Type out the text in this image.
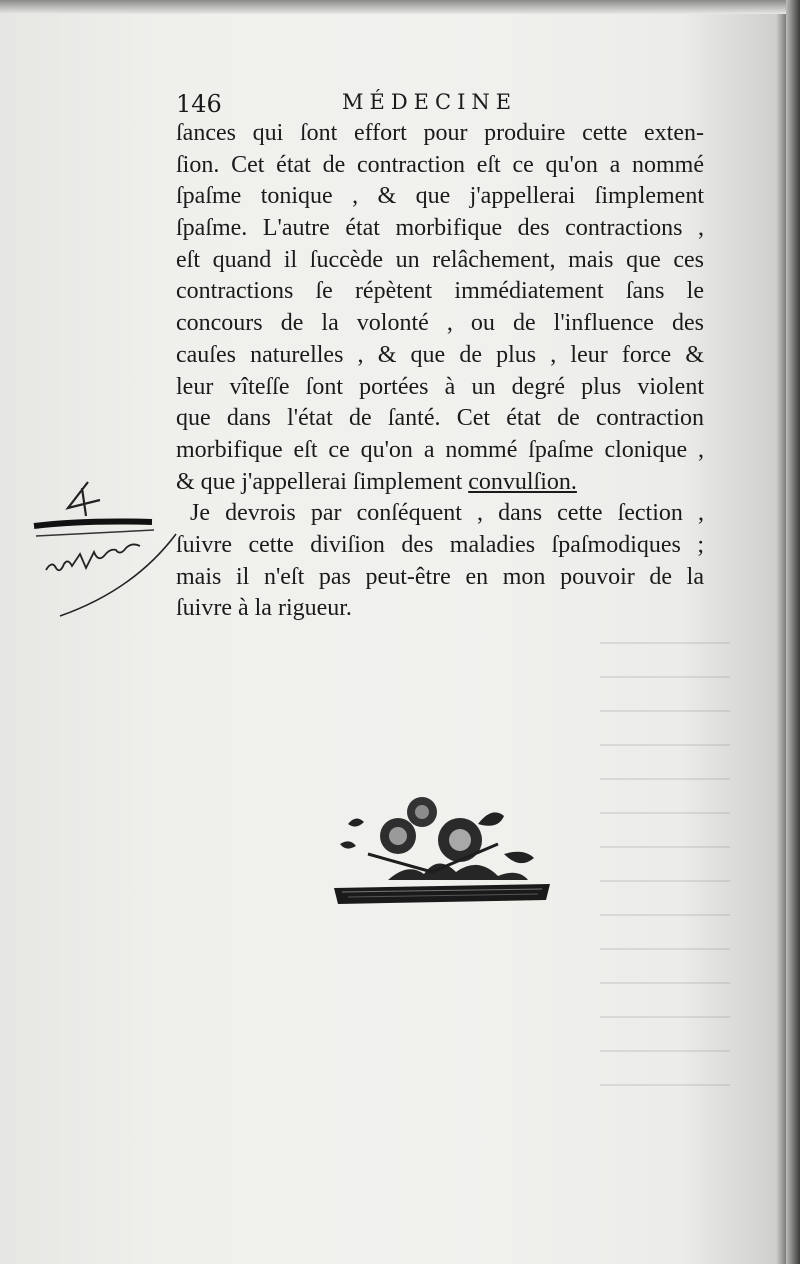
146	MÉDECINE
ſances qui ſont effort pour produire cette exten-
ſion. Cet état de contraction eſt ce qu'on a nommé
ſpaſme tonique , & que j'appellerai ſimplement
ſpaſme. L'autre état morbifique des contractions ,
eſt quand il ſuccède un relâchement, mais que ces
contractions ſe répètent immédiatement ſans le
concours de la volonté , ou de l'influence des
cauſes naturelles , & que de plus , leur force &
leur vîteſſe ſont portées à un degré plus violent
que dans l'état de ſanté. Cet état de contraction
morbifique eſt ce qu'on a nommé ſpaſme clonique ,
& que j'appellerai ſimplement convulſion.
Je devrois par conſéquent , dans cette ſection ,
ſuivre cette diviſion des maladies ſpaſmodiques ;
mais il n'eſt pas peut-être en mon pouvoir de la
ſuivre à la rigueur.
